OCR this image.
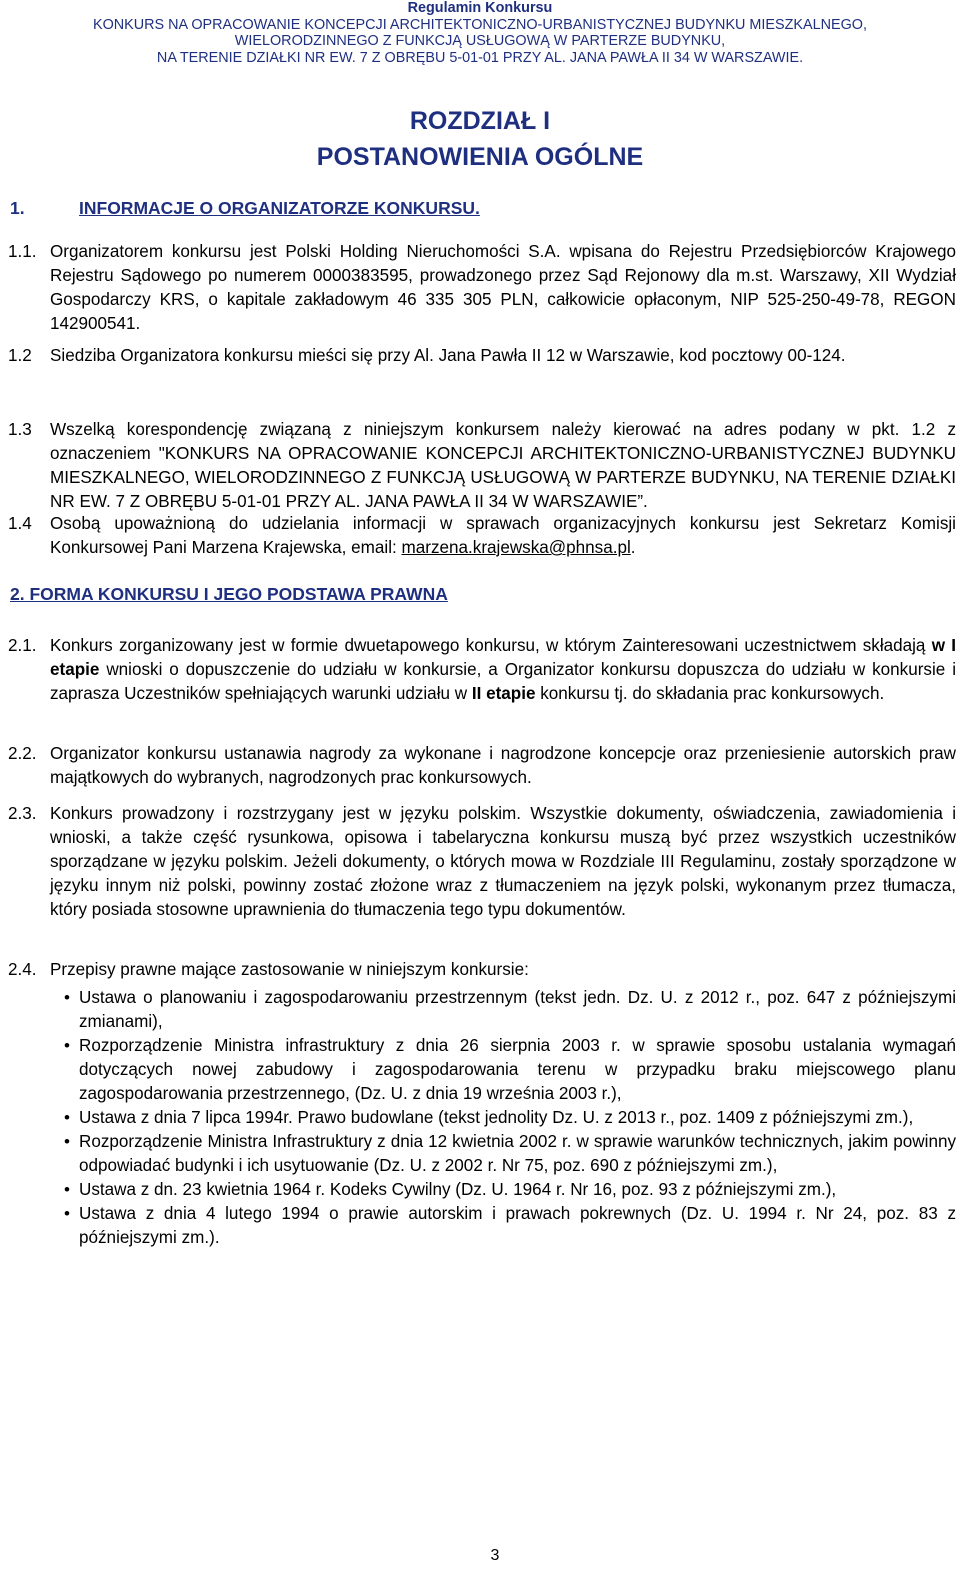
Regulamin Konkursu
KONKURS NA OPRACOWANIE KONCEPCJI ARCHITEKTONICZNO-URBANISTYCZNEJ BUDYNKU MIESZKALNEGO,
WIELORODZINNEGO Z FUNKCJĄ USŁUGOWĄ W PARTERZE BUDYNKU,
NA TERENIE DZIAŁKI NR EW. 7 Z OBRĘBU 5-01-01 PRZY AL. JANA PAWŁA II 34 W WARSZAWIE.
ROZDZIAŁ I
POSTANOWIENIA OGÓLNE
1.	INFORMACJE O ORGANIZATORZE KONKURSU.
1.1. Organizatorem konkursu jest Polski Holding Nieruchomości S.A. wpisana do Rejestru Przedsiębiorców Krajowego Rejestru Sądowego po numerem 0000383595, prowadzonego przez Sąd Rejonowy dla m.st. Warszawy, XII Wydział Gospodarczy KRS, o kapitale zakładowym 46 335 305 PLN, całkowicie opłaconym, NIP 525-250-49-78, REGON 142900541.
1.2 Siedziba Organizatora konkursu mieści się przy Al. Jana Pawła II 12 w Warszawie, kod pocztowy 00-124.
1.3 Wszelką korespondencję związaną z niniejszym konkursem należy kierować na adres podany w pkt. 1.2 z oznaczeniem "KONKURS NA OPRACOWANIE KONCEPCJI ARCHITEKTONICZNO-URBANISTYCZNEJ BUDYNKU MIESZKALNEGO, WIELORODZINNEGO Z FUNKCJĄ USŁUGOWĄ W PARTERZE BUDYNKU, NA TERENIE DZIAŁKI NR EW. 7 Z OBRĘBU 5-01-01 PRZY AL. JANA PAWŁA II 34 W WARSZAWIE”.
1.4 Osobą upoważnioną do udzielania informacji w sprawach organizacyjnych konkursu jest Sekretarz Komisji Konkursowej Pani Marzena Krajewska, email: marzena.krajewska@phnsa.pl.
2. FORMA KONKURSU I JEGO PODSTAWA PRAWNA
2.1. Konkurs zorganizowany jest w formie dwuetapowego konkursu, w którym Zainteresowani uczestnictwem składają w I etapie wnioski o dopuszczenie do udziału w konkursie, a Organizator konkursu dopuszcza do udziału w konkursie i zaprasza Uczestników spełniających warunki udziału w II etapie konkursu tj. do składania prac konkursowych.
2.2. Organizator konkursu ustanawia nagrody za wykonane i nagrodzone koncepcje oraz przeniesienie autorskich praw majątkowych do wybranych, nagrodzonych prac konkursowych.
2.3. Konkurs prowadzony i rozstrzygany jest w języku polskim. Wszystkie dokumenty, oświadczenia, zawiadomienia i wnioski, a także część rysunkowa, opisowa i tabelaryczna konkursu muszą być przez wszystkich uczestników sporządzane w języku polskim. Jeżeli dokumenty, o których mowa w Rozdziale III Regulaminu, zostały sporządzone w języku innym niż polski, powinny zostać złożone wraz z tłumaczeniem na język polski, wykonanym przez tłumacza, który posiada stosowne uprawnienia do tłumaczenia tego typu dokumentów.
2.4. Przepisy prawne mające zastosowanie w niniejszym konkursie:
• Ustawa o planowaniu i zagospodarowaniu przestrzennym (tekst jedn. Dz. U. z 2012 r., poz. 647 z późniejszymi zmianami),
• Rozporządzenie Ministra infrastruktury z dnia 26 sierpnia 2003 r. w sprawie sposobu ustalania wymagań dotyczących nowej zabudowy i zagospodarowania terenu w przypadku braku miejscowego planu zagospodarowania przestrzennego, (Dz. U. z dnia 19 września 2003 r.),
• Ustawa z dnia 7 lipca 1994r. Prawo budowlane (tekst jednolity Dz. U. z 2013 r., poz. 1409 z późniejszymi zm.),
• Rozporządzenie Ministra Infrastruktury z dnia 12 kwietnia 2002 r. w sprawie warunków technicznych, jakim powinny odpowiadać budynki i ich usytuowanie (Dz. U. z 2002 r. Nr 75, poz. 690 z późniejszymi zm.),
• Ustawa z dn. 23 kwietnia 1964 r. Kodeks Cywilny (Dz. U. 1964 r. Nr 16, poz. 93 z późniejszymi zm.),
• Ustawa z dnia 4 lutego 1994 o prawie autorskim i prawach pokrewnych (Dz. U. 1994 r. Nr 24, poz. 83 z późniejszymi zm.).
3
